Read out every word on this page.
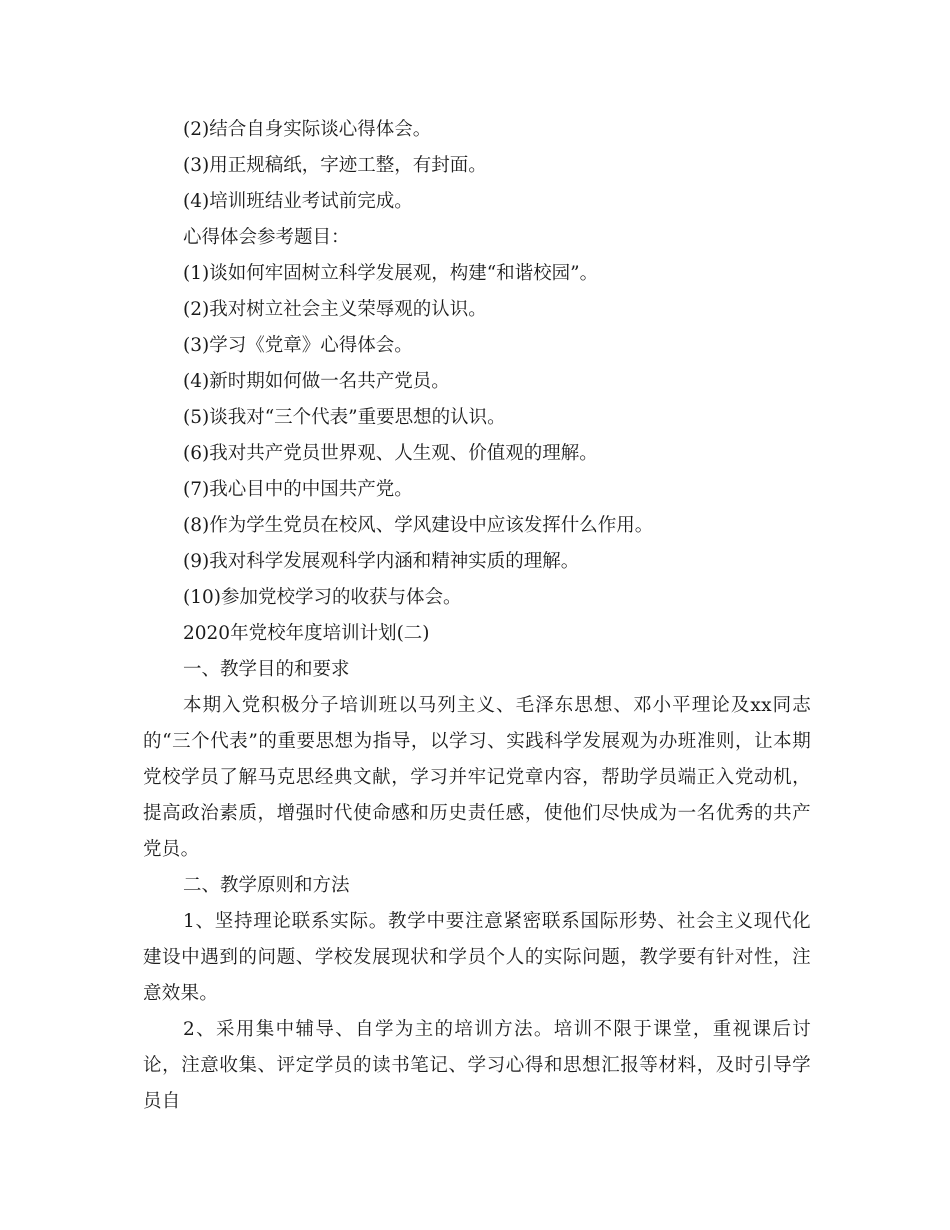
(2)结合自身实际谈心得体会。
(3)用正规稿纸，字迹工整，有封面。
(4)培训班结业考试前完成。
心得体会参考题目：
(1)谈如何牢固树立科学发展观，构建“和谐校园”。
(2)我对树立社会主义荣辱观的认识。
(3)学习《党章》心得体会。
(4)新时期如何做一名共产党员。
(5)谈我对“三个代表”重要思想的认识。
(6)我对共产党员世界观、人生观、价值观的理解。
(7)我心目中的中国共产党。
(8)作为学生党员在校风、学风建设中应该发挥什么作用。
(9)我对科学发展观科学内涵和精神实质的理解。
(10)参加党校学习的收获与体会。
2020年党校年度培训计划(二)
一、教学目的和要求

本期入党积极分子培训班以马列主义、毛泽东思想、邓小平理论及xx同志的“三个代表”的重要思想为指导，以学习、实践科学发展观为办班准则，让本期党校学员了解马克思经典文献，学习并牢记党章内容，帮助学员端正入党动机，提高政治素质，增强时代使命感和历史责任感，使他们尽快成为一名优秀的共产党员。

二、教学原则和方法

1、坚持理论联系实际。教学中要注意紧密联系国际形势、社会主义现代化建设中遇到的问题、学校发展现状和学员个人的实际问题，教学要有针对性，注意效果。

2、采用集中辅导、自学为主的培训方法。培训不限于课堂，重视课后讨论，注意收集、评定学员的读书笔记、学习心得和思想汇报等材料，及时引导学员自
